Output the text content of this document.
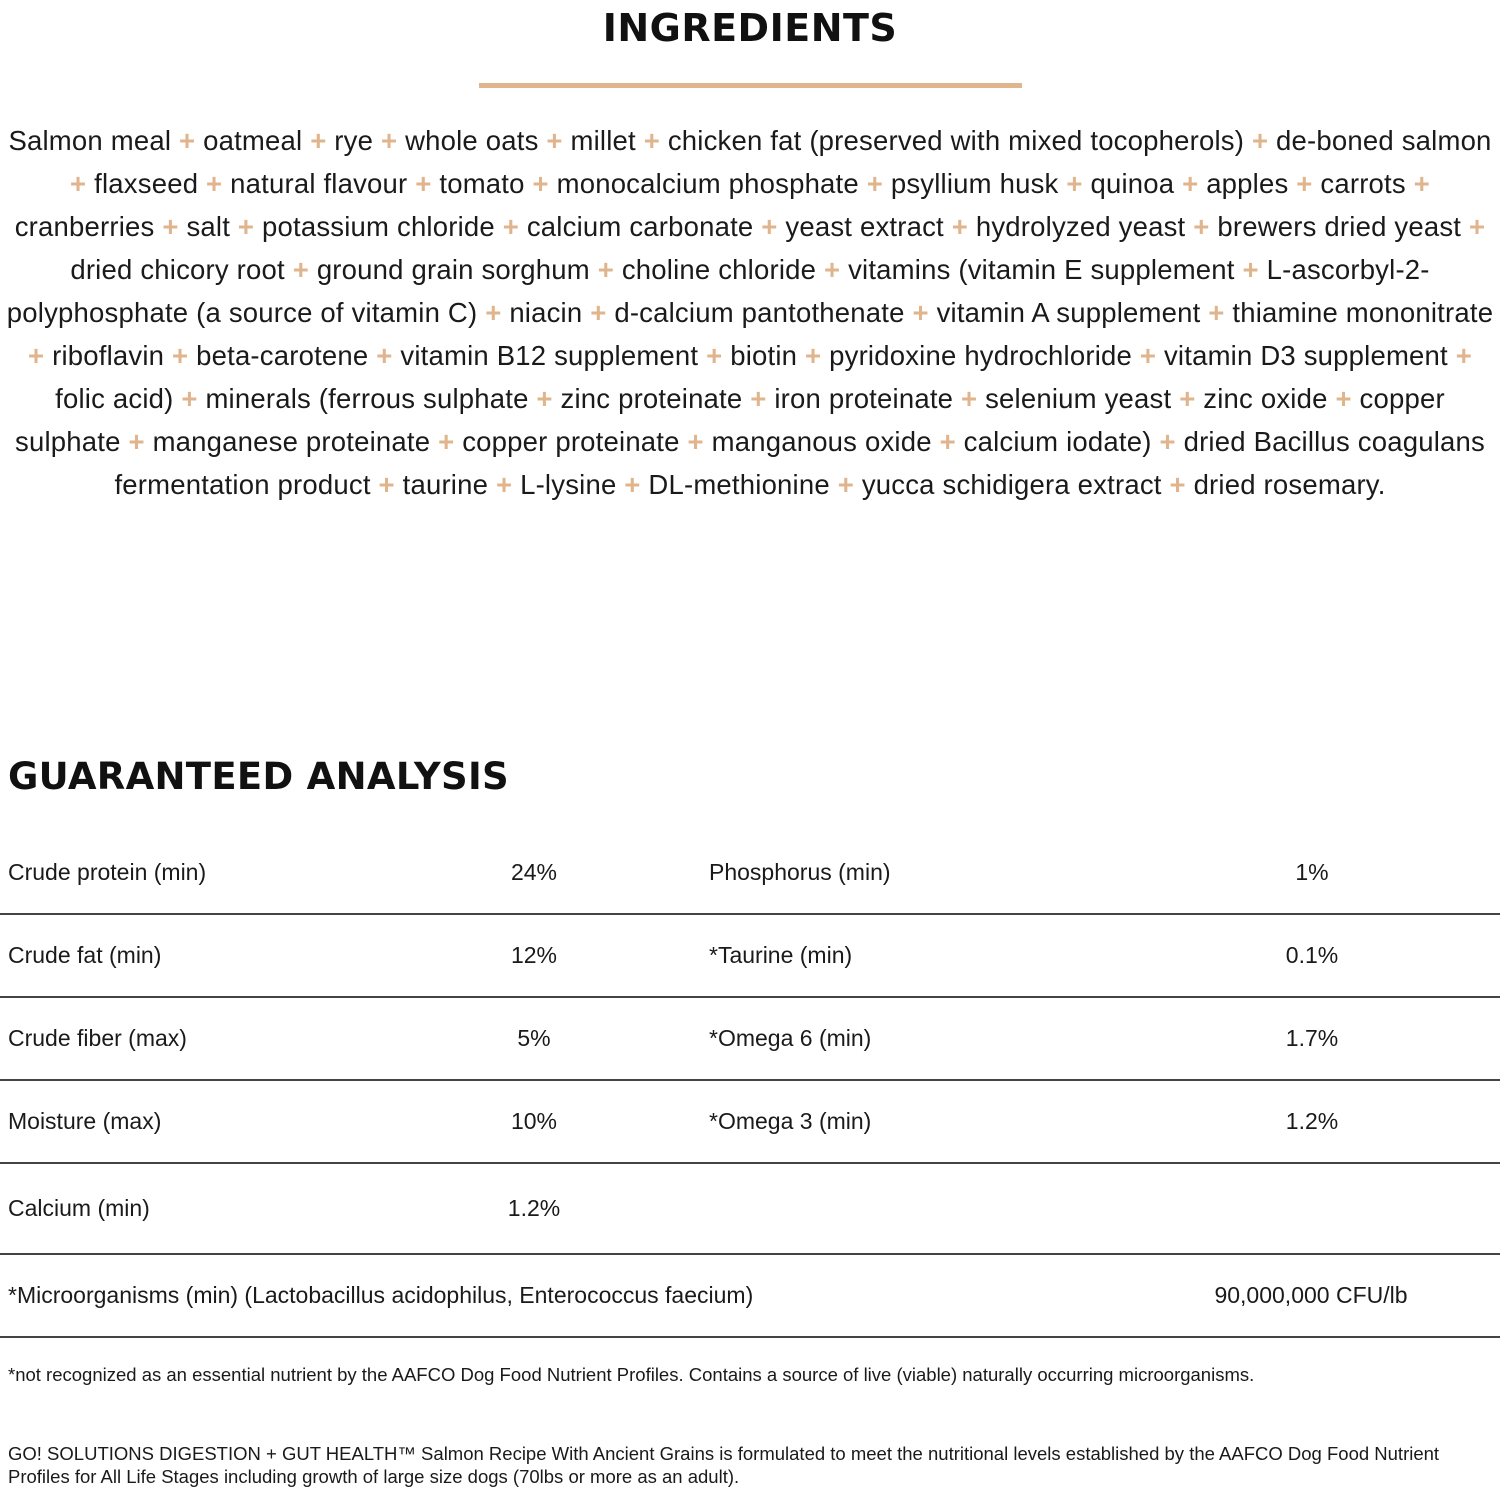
INGREDIENTS
Salmon meal + oatmeal + rye + whole oats + millet + chicken fat (preserved with mixed tocopherols) + de-boned salmon + flaxseed + natural flavour + tomato + monocalcium phosphate + psyllium husk + quinoa + apples + carrots + cranberries + salt + potassium chloride + calcium carbonate + yeast extract + hydrolyzed yeast + brewers dried yeast + dried chicory root + ground grain sorghum + choline chloride + vitamins (vitamin E supplement + L-ascorbyl-2-polyphosphate (a source of vitamin C) + niacin + d-calcium pantothenate + vitamin A supplement + thiamine mononitrate + riboflavin + beta-carotene + vitamin B12 supplement + biotin + pyridoxine hydrochloride + vitamin D3 supplement + folic acid) + minerals (ferrous sulphate + zinc proteinate + iron proteinate + selenium yeast + zinc oxide + copper sulphate + manganese proteinate + copper proteinate + manganous oxide + calcium iodate) + dried Bacillus coagulans fermentation product + taurine + L-lysine + DL-methionine + yucca schidigera extract + dried rosemary.
GUARANTEED ANALYSIS
Crude protein (min)	24%	Phosphorus (min)	1%
Crude fat (min)	12%	*Taurine (min)	0.1%
Crude fiber (max)	5%	*Omega 6 (min)	1.7%
Moisture (max)	10%	*Omega 3 (min)	1.2%
Calcium (min)	1.2%
*Microorganisms (min) (Lactobacillus acidophilus, Enterococcus faecium)	90,000,000 CFU/lb
*not recognized as an essential nutrient by the AAFCO Dog Food Nutrient Profiles. Contains a source of live (viable) naturally occurring microorganisms.
GO! SOLUTIONS DIGESTION + GUT HEALTH™ Salmon Recipe With Ancient Grains is formulated to meet the nutritional levels established by the AAFCO Dog Food Nutrient Profiles for All Life Stages including growth of large size dogs (70lbs or more as an adult).
